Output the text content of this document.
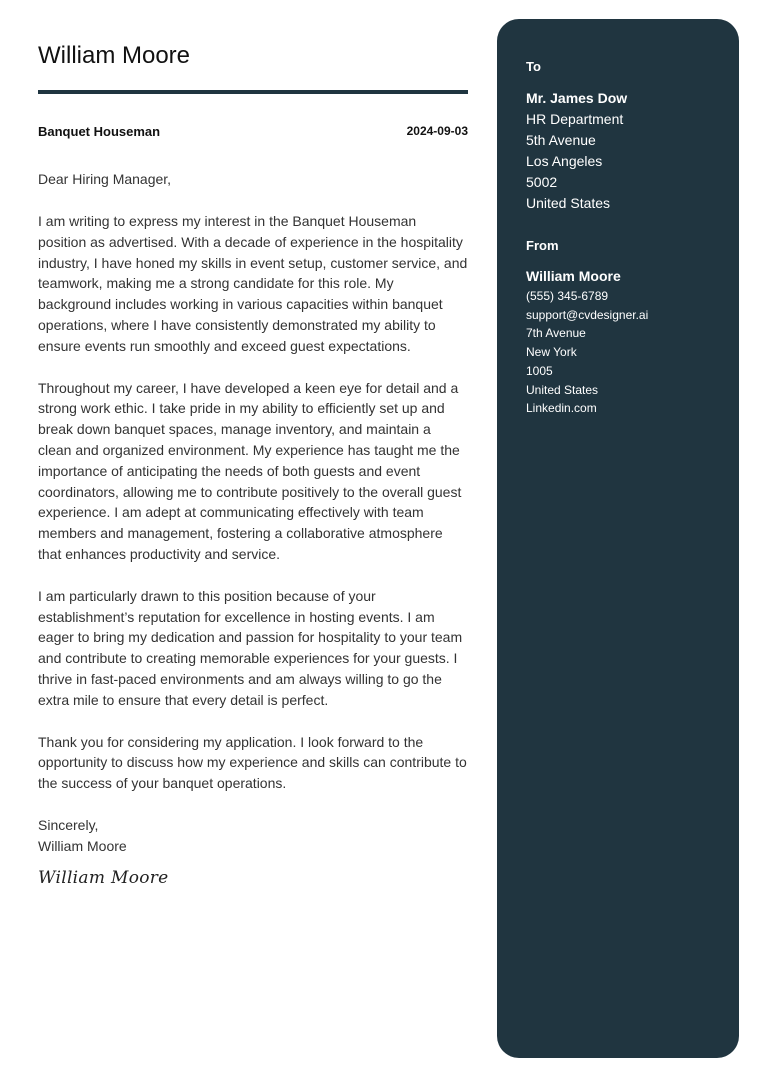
William Moore
Banquet Houseman	2024-09-03
Dear Hiring Manager,
I am writing to express my interest in the Banquet Houseman position as advertised. With a decade of experience in the hospitality industry, I have honed my skills in event setup, customer service, and teamwork, making me a strong candidate for this role. My background includes working in various capacities within banquet operations, where I have consistently demonstrated my ability to ensure events run smoothly and exceed guest expectations.
Throughout my career, I have developed a keen eye for detail and a strong work ethic. I take pride in my ability to efficiently set up and break down banquet spaces, manage inventory, and maintain a clean and organized environment. My experience has taught me the importance of anticipating the needs of both guests and event coordinators, allowing me to contribute positively to the overall guest experience. I am adept at communicating effectively with team members and management, fostering a collaborative atmosphere that enhances productivity and service.
I am particularly drawn to this position because of your establishment’s reputation for excellence in hosting events. I am eager to bring my dedication and passion for hospitality to your team and contribute to creating memorable experiences for your guests. I thrive in fast-paced environments and am always willing to go the extra mile to ensure that every detail is perfect.
Thank you for considering my application. I look forward to the opportunity to discuss how my experience and skills can contribute to the success of your banquet operations.
Sincerely,
William Moore
William Moore
To
Mr. James Dow
HR Department
5th Avenue
Los Angeles
5002
United States
From
William Moore
(555) 345-6789
support@cvdesigner.ai
7th Avenue
New York
1005
United States
Linkedin.com
